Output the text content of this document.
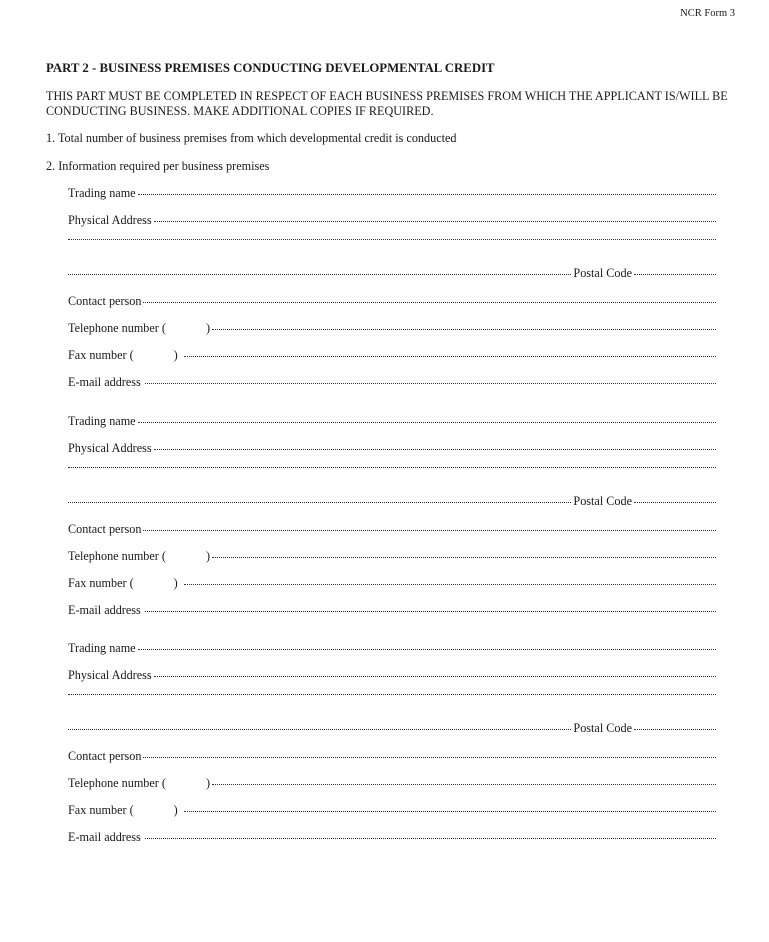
NCR Form 3
PART 2 - BUSINESS PREMISES CONDUCTING DEVELOPMENTAL CREDIT
THIS PART MUST BE COMPLETED IN RESPECT OF EACH BUSINESS PREMISES FROM WHICH THE APPLICANT IS/WILL BE CONDUCTING BUSINESS. MAKE ADDITIONAL COPIES IF REQUIRED.
1. Total number of business premises from which developmental credit is conducted
2. Information required per business premises
Trading name
Physical Address
Postal Code
Contact person
Telephone number (	)
Fax number (	)
E-mail address
Trading name
Physical Address
Postal Code
Contact person
Telephone number (	)
Fax number (	)
E-mail address
Trading name
Physical Address
Postal Code
Contact person
Telephone number (	)
Fax number (	)
E-mail address
